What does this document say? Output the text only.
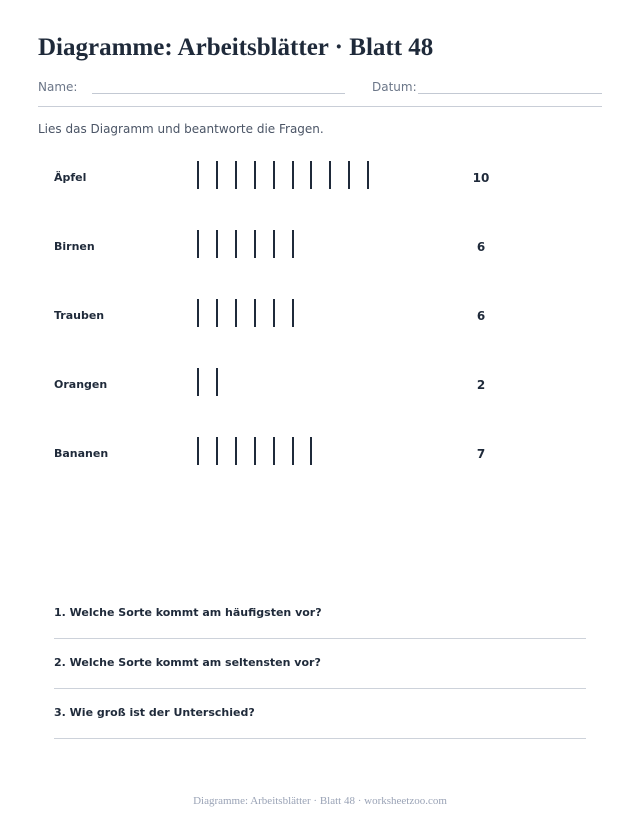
Diagramme: Arbeitsblätter · Blatt 48
Name:	Datum:
Lies das Diagramm und beantworte die Fragen.
Äpfel	10
Birnen	6
Trauben	6
Orangen	2
Bananen	7
1. Welche Sorte kommt am häufigsten vor?
2. Welche Sorte kommt am seltensten vor?
3. Wie groß ist der Unterschied?
Diagramme: Arbeitsblätter · Blatt 48 · worksheetzoo.com
